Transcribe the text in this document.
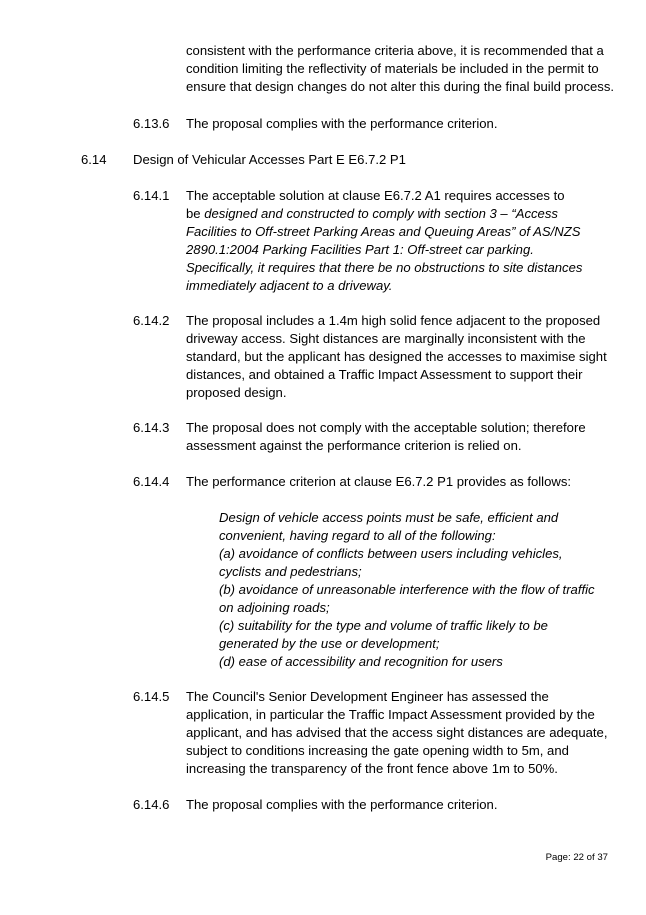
consistent with the performance criteria above, it is recommended that a
condition limiting the reflectivity of materials be included in the permit to
ensure that design changes do not alter this during the final build process.
6.13.6 The proposal complies with the performance criterion.
6.14 Design of Vehicular Accesses Part E E6.7.2 P1
6.14.1 The acceptable solution at clause E6.7.2 A1 requires accesses to
be designed and constructed to comply with section 3 – “Access
Facilities to Off-street Parking Areas and Queuing Areas” of AS/NZS
2890.1:2004 Parking Facilities Part 1: Off-street car parking.
Specifically, it requires that there be no obstructions to site distances
immediately adjacent to a driveway.
6.14.2 The proposal includes a 1.4m high solid fence adjacent to the proposed
driveway access. Sight distances are marginally inconsistent with the
standard, but the applicant has designed the accesses to maximise sight
distances, and obtained a Traffic Impact Assessment to support their
proposed design.
6.14.3 The proposal does not comply with the acceptable solution; therefore
assessment against the performance criterion is relied on.
6.14.4 The performance criterion at clause E6.7.2 P1 provides as follows:
Design of vehicle access points must be safe, efficient and
convenient, having regard to all of the following:
(a) avoidance of conflicts between users including vehicles,
cyclists and pedestrians;
(b) avoidance of unreasonable interference with the flow of traffic
on adjoining roads;
(c) suitability for the type and volume of traffic likely to be
generated by the use or development;
(d) ease of accessibility and recognition for users
6.14.5 The Council's Senior Development Engineer has assessed the
application, in particular the Traffic Impact Assessment provided by the
applicant, and has advised that the access sight distances are adequate,
subject to conditions increasing the gate opening width to 5m, and
increasing the transparency of the front fence above 1m to 50%.
6.14.6 The proposal complies with the performance criterion.
Page: 22 of 37
